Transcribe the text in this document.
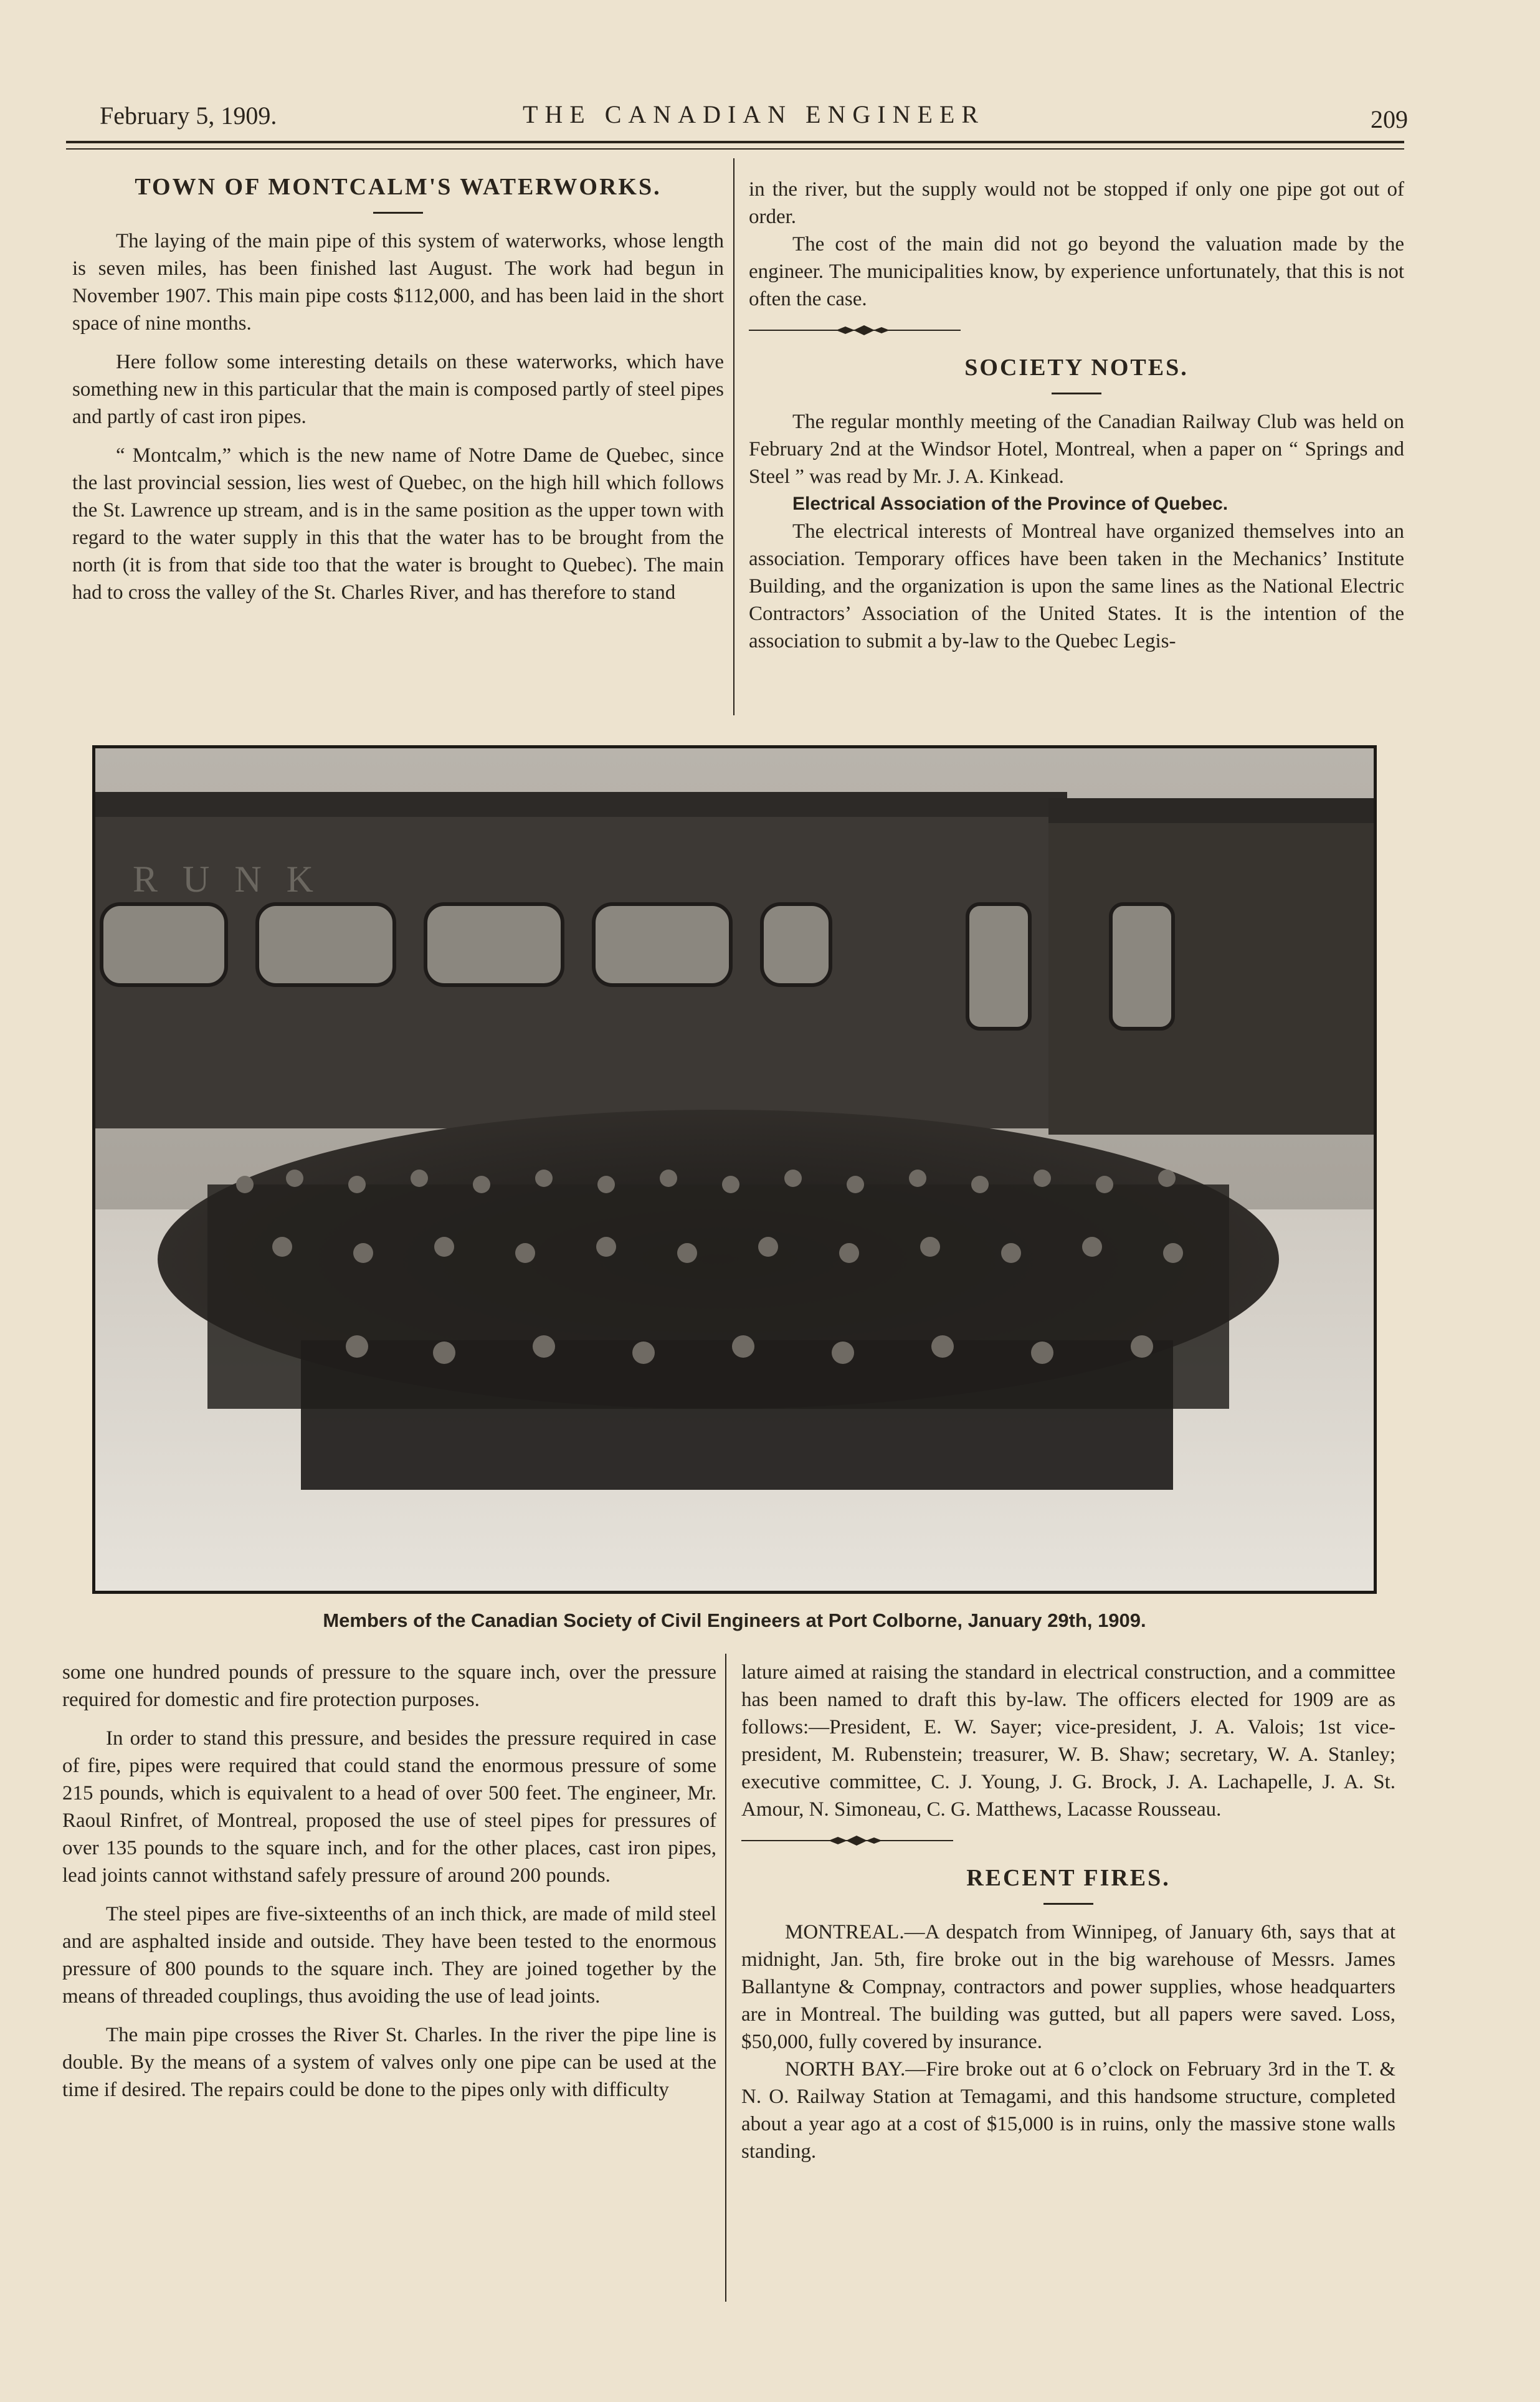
February 5, 1909.	THE CANADIAN ENGINEER	209
TOWN OF MONTCALM'S WATERWORKS.

The laying of the main pipe of this system of waterworks, whose length is seven miles, has been finished last August. The work had begun in November 1907. This main pipe costs $112,000, and has been laid in the short space of nine months.

Here follow some interesting details on these waterworks, which have something new in this particular that the main is composed partly of steel pipes and partly of cast iron pipes.

“ Montcalm,” which is the new name of Notre Dame de Quebec, since the last provincial session, lies west of Quebec, on the high hill which follows the St. Lawrence up stream, and is in the same position as the upper town with regard to the water supply in this that the water has to be brought from the north (it is from that side too that the water is brought to Quebec). The main had to cross the valley of the St. Charles River, and has therefore to stand

in the river, but the supply would not be stopped if only one pipe got out of order.

The cost of the main did not go beyond the valuation made by the engineer. The municipalities know, by experience unfortunately, that this is not often the case.

SOCIETY NOTES.

The regular monthly meeting of the Canadian Railway Club was held on February 2nd at the Windsor Hotel, Montreal, when a paper on “ Springs and Steel ” was read by Mr. J. A. Kinkead.

Electrical Association of the Province of Quebec.

The electrical interests of Montreal have organized themselves into an association. Temporary offices have been taken in the Mechanics’ Institute Building, and the organization is upon the same lines as the National Electric Contractors’ Association of the United States. It is the intention of the association to submit a by-law to the Quebec Legis-

RUNK
Members of the Canadian Society of Civil Engineers at Port Colborne, January 29th, 1909.

some one hundred pounds of pressure to the square inch, over the pressure required for domestic and fire protection purposes.

In order to stand this pressure, and besides the pressure required in case of fire, pipes were required that could stand the enormous pressure of some 215 pounds, which is equivalent to a head of over 500 feet. The engineer, Mr. Raoul Rinfret, of Montreal, proposed the use of steel pipes for pressures of over 135 pounds to the square inch, and for the other places, cast iron pipes, lead joints cannot withstand safely pressure of around 200 pounds.

The steel pipes are five-sixteenths of an inch thick, are made of mild steel and are asphalted inside and outside. They have been tested to the enormous pressure of 800 pounds to the square inch. They are joined together by the means of threaded couplings, thus avoiding the use of lead joints.

The main pipe crosses the River St. Charles. In the river the pipe line is double. By the means of a system of valves only one pipe can be used at the time if desired. The repairs could be done to the pipes only with difficulty

lature aimed at raising the standard in electrical construction, and a committee has been named to draft this by-law. The officers elected for 1909 are as follows:—President, E. W. Sayer; vice-president, J. A. Valois; 1st vice-president, M. Rubenstein; treasurer, W. B. Shaw; secretary, W. A. Stanley; executive committee, C. J. Young, J. G. Brock, J. A. Lachapelle, J. A. St. Amour, N. Simoneau, C. G. Matthews, Lacasse Rousseau.

RECENT FIRES.

MONTREAL.—A despatch from Winnipeg, of January 6th, says that at midnight, Jan. 5th, fire broke out in the big warehouse of Messrs. James Ballantyne & Compnay, contractors and power supplies, whose headquarters are in Montreal. The building was gutted, but all papers were saved. Loss, $50,000, fully covered by insurance.

NORTH BAY.—Fire broke out at 6 o’clock on February 3rd in the T. & N. O. Railway Station at Temagami, and this handsome structure, completed about a year ago at a cost of $15,000 is in ruins, only the massive stone walls standing.
